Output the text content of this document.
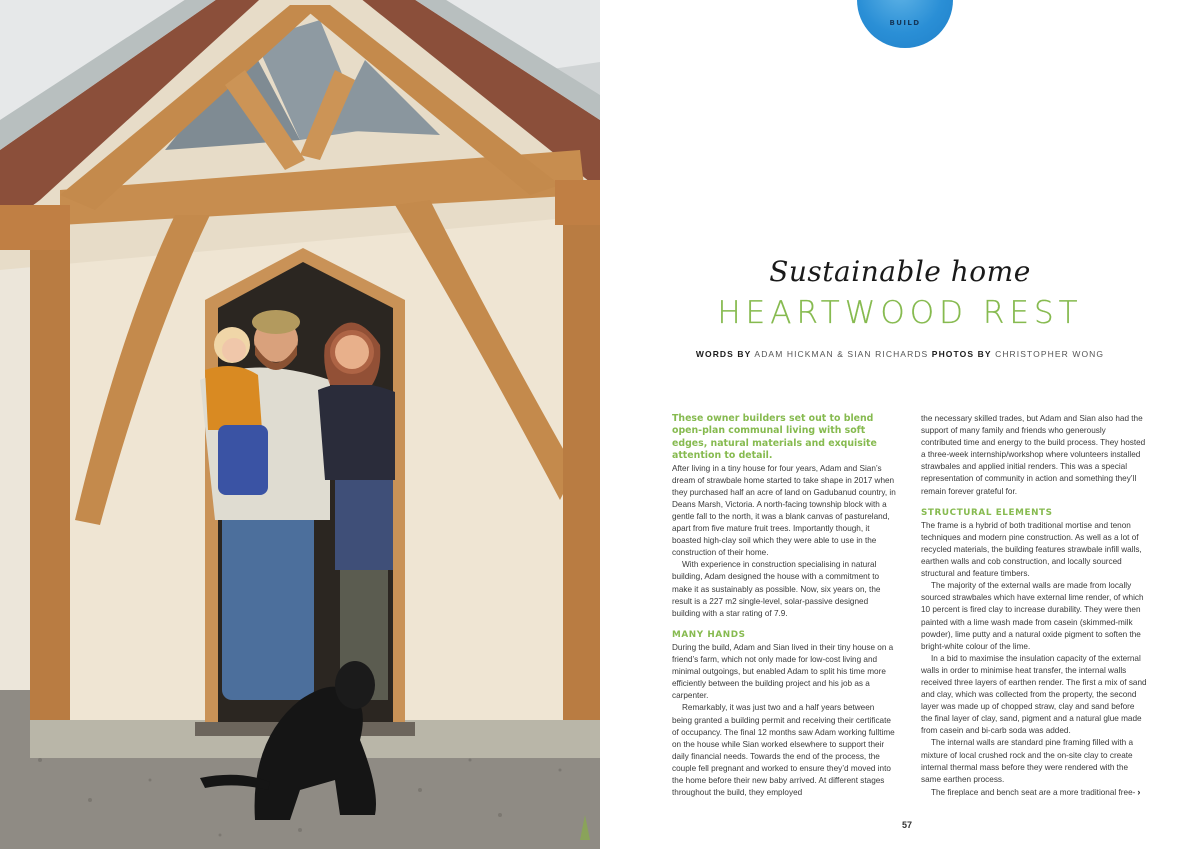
BUILD
Sustainable home
HEARTWOOD REST
WORDS BY ADAM HICKMAN & SIAN RICHARDS PHOTOS BY CHRISTOPHER WONG

These owner builders set out to blend open-plan communal living with soft edges, natural materials and exquisite attention to detail.

After living in a tiny house for four years, Adam and Sian’s dream of strawbale home started to take shape in 2017 when they purchased half an acre of land on Gadubanud country, in Deans Marsh, Victoria. A north-facing township block with a gentle fall to the north, it was a blank canvas of pastureland, apart from five mature fruit trees. Importantly though, it boasted high-clay soil which they were able to use in the construction of their home.

With experience in construction specialising in natural building, Adam designed the house with a commitment to make it as sustainably as possible. Now, six years on, the result is a 227 m2 single-level, solar-passive designed building with a star rating of 7.9.

MANY HANDS

During the build, Adam and Sian lived in their tiny house on a friend’s farm, which not only made for low-cost living and minimal outgoings, but enabled Adam to split his time more efficiently between the building project and his job as a carpenter.

Remarkably, it was just two and a half years between being granted a building permit and receiving their certificate of occupancy. The final 12 months saw Adam working fulltime on the house while Sian worked elsewhere to support their daily financial needs. Towards the end of the process, the couple fell pregnant and worked to ensure they’d moved into the home before their new baby arrived. At different stages throughout the build, they employed

the necessary skilled trades, but Adam and Sian also had the support of many family and friends who generously contributed time and energy to the build process. They hosted a three-week internship/workshop where volunteers installed strawbales and applied initial renders. This was a special representation of community in action and something they’ll remain forever grateful for.

STRUCTURAL ELEMENTS

The frame is a hybrid of both traditional mortise and tenon techniques and modern pine construction. As well as a lot of recycled materials, the building features strawbale infill walls, earthen walls and cob construction, and locally sourced structural and feature timbers.

The majority of the external walls are made from locally sourced strawbales which have external lime render, of which 10 percent is fired clay to increase durability. They were then painted with a lime wash made from casein (skimmed-milk powder), lime putty and a natural oxide pigment to soften the bright-white colour of the lime.

In a bid to maximise the insulation capacity of the external walls in order to minimise heat transfer, the internal walls received three layers of earthen render. The first a mix of sand and clay, which was collected from the property, the second layer was made up of chopped straw, clay and sand before the final layer of clay, sand, pigment and a natural glue made from casein and bi-carb soda was added.

The internal walls are standard pine framing filled with a mixture of local crushed rock and the on-site clay to create internal thermal mass before they were rendered with the same earthen process.

The fireplace and bench seat are a more traditional free- ›

57
